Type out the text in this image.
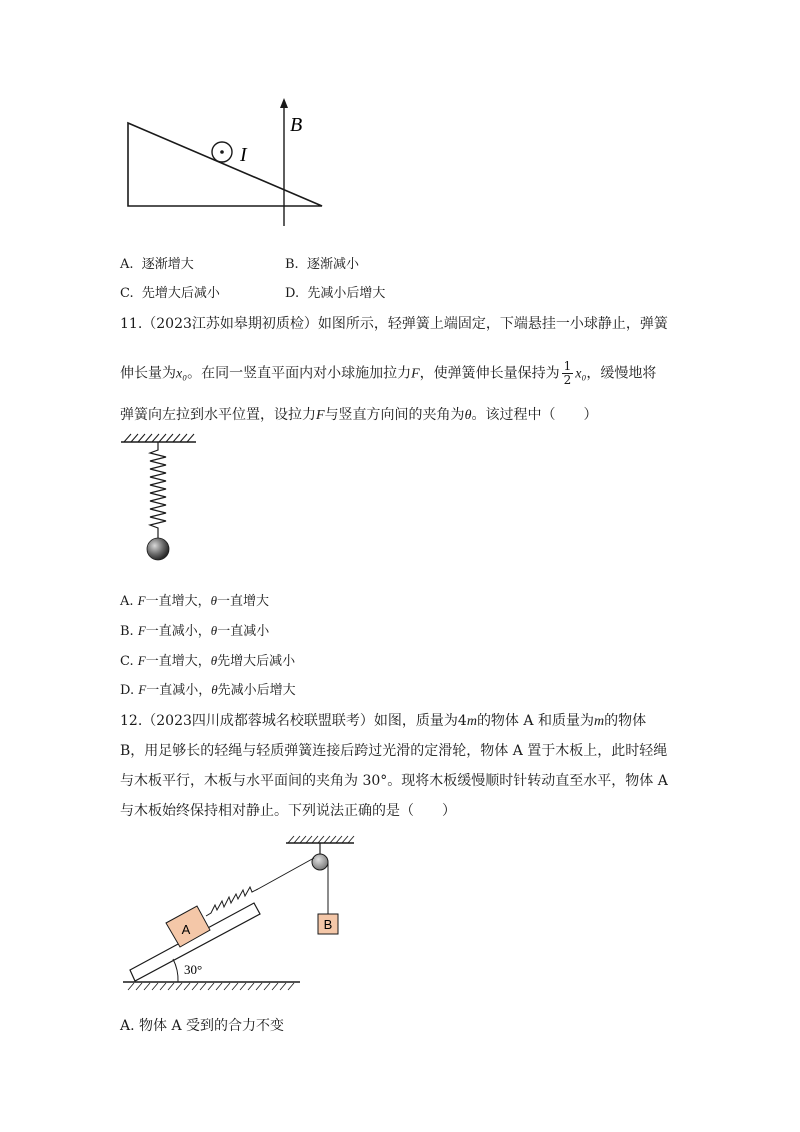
B
I
A. 逐渐增大	B. 逐渐减小
C. 先增大后减小	D. 先减小后增大
11.（2023江苏如皋期初质检）如图所示，轻弹簧上端固定，下端悬挂一小球静止，弹簧
伸长量为x₀。在同一竖直平面内对小球施加拉力F，使弹簧伸长量保持为 $\frac{1}{2} x_0$，缓慢地将
弹簧向左拉到水平位置，设拉力F与竖直方向间的夹角为θ。该过程中（　　）
A. F一直增大，θ一直增大
B. F一直减小，θ一直减小
C. F一直增大，θ先增大后减小
D. F一直减小，θ先减小后增大
12.（2023四川成都蓉城名校联盟联考）如图，质量为4m的物体 A 和质量为m的物体
B，用足够长的轻绳与轻质弹簧连接后跨过光滑的定滑轮，物体 A 置于木板上，此时轻绳
与木板平行，木板与水平面间的夹角为 30°。现将木板缓慢顺时针转动直至水平，物体 A
与木板始终保持相对静止。下列说法正确的是（　　）
B
A
30°
A. 物体 A 受到的合力不变
